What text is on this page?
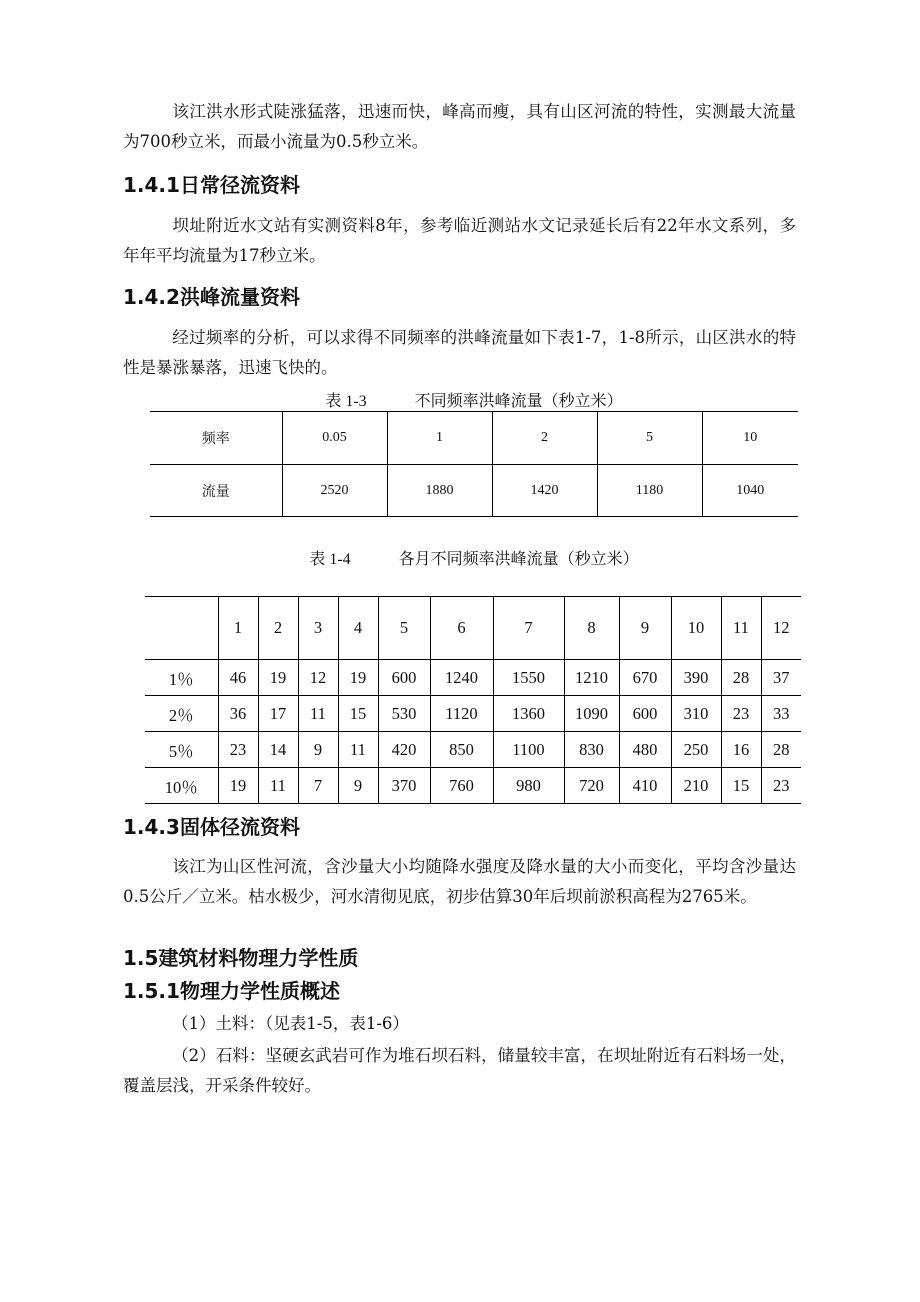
该江洪水形式陡涨猛落，迅速而快，峰高而瘦，具有山区河流的特性，实测最大流量为700秒立米，而最小流量为0.5秒立米。

1.4.1日常径流资料

坝址附近水文站有实测资料8年，参考临近测站水文记录延长后有22年水文系列，多年年平均流量为17秒立米。

1.4.2洪峰流量资料

经过频率的分析，可以求得不同频率的洪峰流量如下表1-7，1-8所示，山区洪水的特性是暴涨暴落，迅速飞快的。

表 1-3	不同频率洪峰流量（秒立米）
频率	0.05	1	2	5	10
流量	2520	1880	1420	1180	1040
表 1-4	各月不同频率洪峰流量（秒立米）
	1	2	3	4	5	6	7	8	9	10	11	12
1％	46	19	12	19	600	1240	1550	1210	670	390	28	37
2％	36	17	11	15	530	1120	1360	1090	600	310	23	33
5％	23	14	9	11	420	850	1100	830	480	250	16	28
10％	19	11	7	9	370	760	980	720	410	210	15	23
1.4.3固体径流资料

该江为山区性河流，含沙量大小均随降水强度及降水量的大小而变化，平均含沙量达0.5公斤／立米。枯水极少，河水清彻见底，初步估算30年后坝前淤积高程为2765米。

1.5建筑材料物理力学性质
1.5.1物理力学性质概述

（1）土料：（见表1-5，表1-6）

（2）石料：坚硬玄武岩可作为堆石坝石料，储量较丰富，在坝址附近有石料场一处，覆盖层浅，开采条件较好。
